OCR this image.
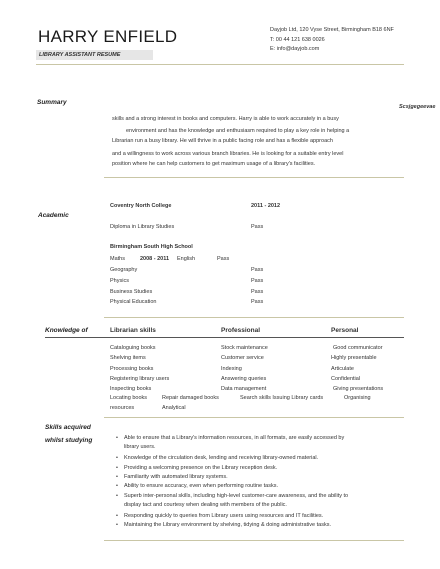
HARRY ENFIELD
LIBRARY ASSISTANT RESUME
Dayjob Ltd, 120 Vyse Street, Birmingham B18 6NF
T: 00 44 121 638 0026
E: info@dayjob.com
Summary
Scsjgegeevae
skills and a strong interest in books and computers. Harry is able to work accurately in a busy
environment and has the knowledge and enthusiasm required to play a key role in helping a
Librarian run a busy library. He will thrive in a public facing role and has a flexible approach
and a willingness to work across various branch libraries. He is looking for a suitable entry level
position where he can help customers to get maximum usage of a library's facilities.
Academic
Coventry North College	2011 - 2012
Diploma in Library Studies	Pass
Birmingham South High School
Maths	2008 - 2011 English	Pass
Geography	Pass
Physics	Pass
Business Studies	Pass
Physical Education	Pass
Knowledge of	Librarian skills	Professional	Personal
Cataloguing books
Shelving items
Processing books
Registering library users
Inspecting books
Locating books	Repair damaged books
resources	Analytical
Stock maintenance
Customer service
Indexing
Answering queries
Data management
Search skills Issuing Library cards
Good communicator
Highly presentable
Articulate
Confidential
Giving presentations
Organising
Skills acquired
whilst studying
•	Able to ensure that a Library's information resources, in all formats, are easily accessed by
library users.
• Knowledge of the circulation desk, lending and receiving library-owned material.
• Providing a welcoming presence on the Library reception desk.
• Familiarity with automated library systems.
• Ability to ensure accuracy, even when performing routine tasks.
• Superb inter-personal skills, including high-level customer-care awareness, and the ability to
display tact and courtesy when dealing with members of the public.
• Responding quickly to queries from Library users using resources and IT facilities.
• Maintaining the Library environment by shelving, tidying & doing administrative tasks.
